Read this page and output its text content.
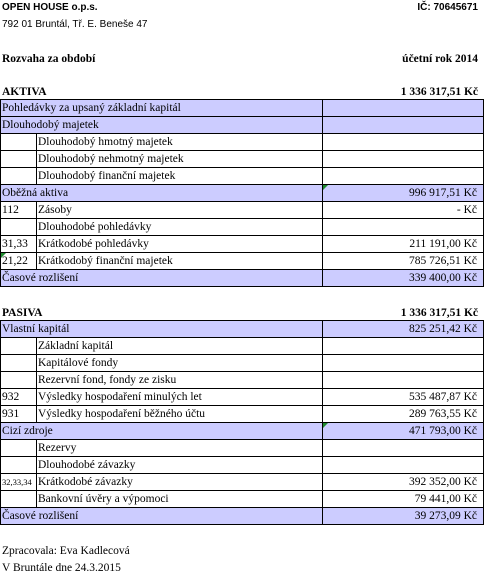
OPEN HOUSE o.p.s.	IČ: 70645671
792 01 Bruntál, Tř. E. Beneše 47
Rozvaha za období	účetní rok 2014
AKTIVA	1 336 317,51 Kč
Pohledávky za upsaný základní kapitál
Dlouhodobý majetek
Dlouhodobý hmotný majetek
Dlouhodobý nehmotný majetek
Dlouhodobý finanční majetek
Oběžná aktiva	996 917,51 Kč
112	Zásoby	- Kč
Dlouhodobé pohledávky
31,33 Krátkodobé pohledávky	211 191,00 Kč
21,22 Krátkodobý finanční majetek	785 726,51 Kč
Časové rozlišení	339 400,00 Kč
PASIVA	1 336 317,51 Kč
Vlastní kapitál	825 251,42 Kč
Základní kapitál
Kapitálové fondy
Rezervní fond, fondy ze zisku
932	Výsledky hospodaření minulých let	535 487,87 Kč
931	Výsledky hospodaření běžného účtu	289 763,55 Kč
Cizí zdroje	471 793,00 Kč
Rezervy
Dlouhodobé závazky
32,33,34 Krátkodobé závazky	392 352,00 Kč
Bankovní úvěry a výpomoci	79 441,00 Kč
Časové rozlišení	39 273,09 Kč
Zpracovala: Eva Kadlecová
V Bruntále dne 24.3.2015
